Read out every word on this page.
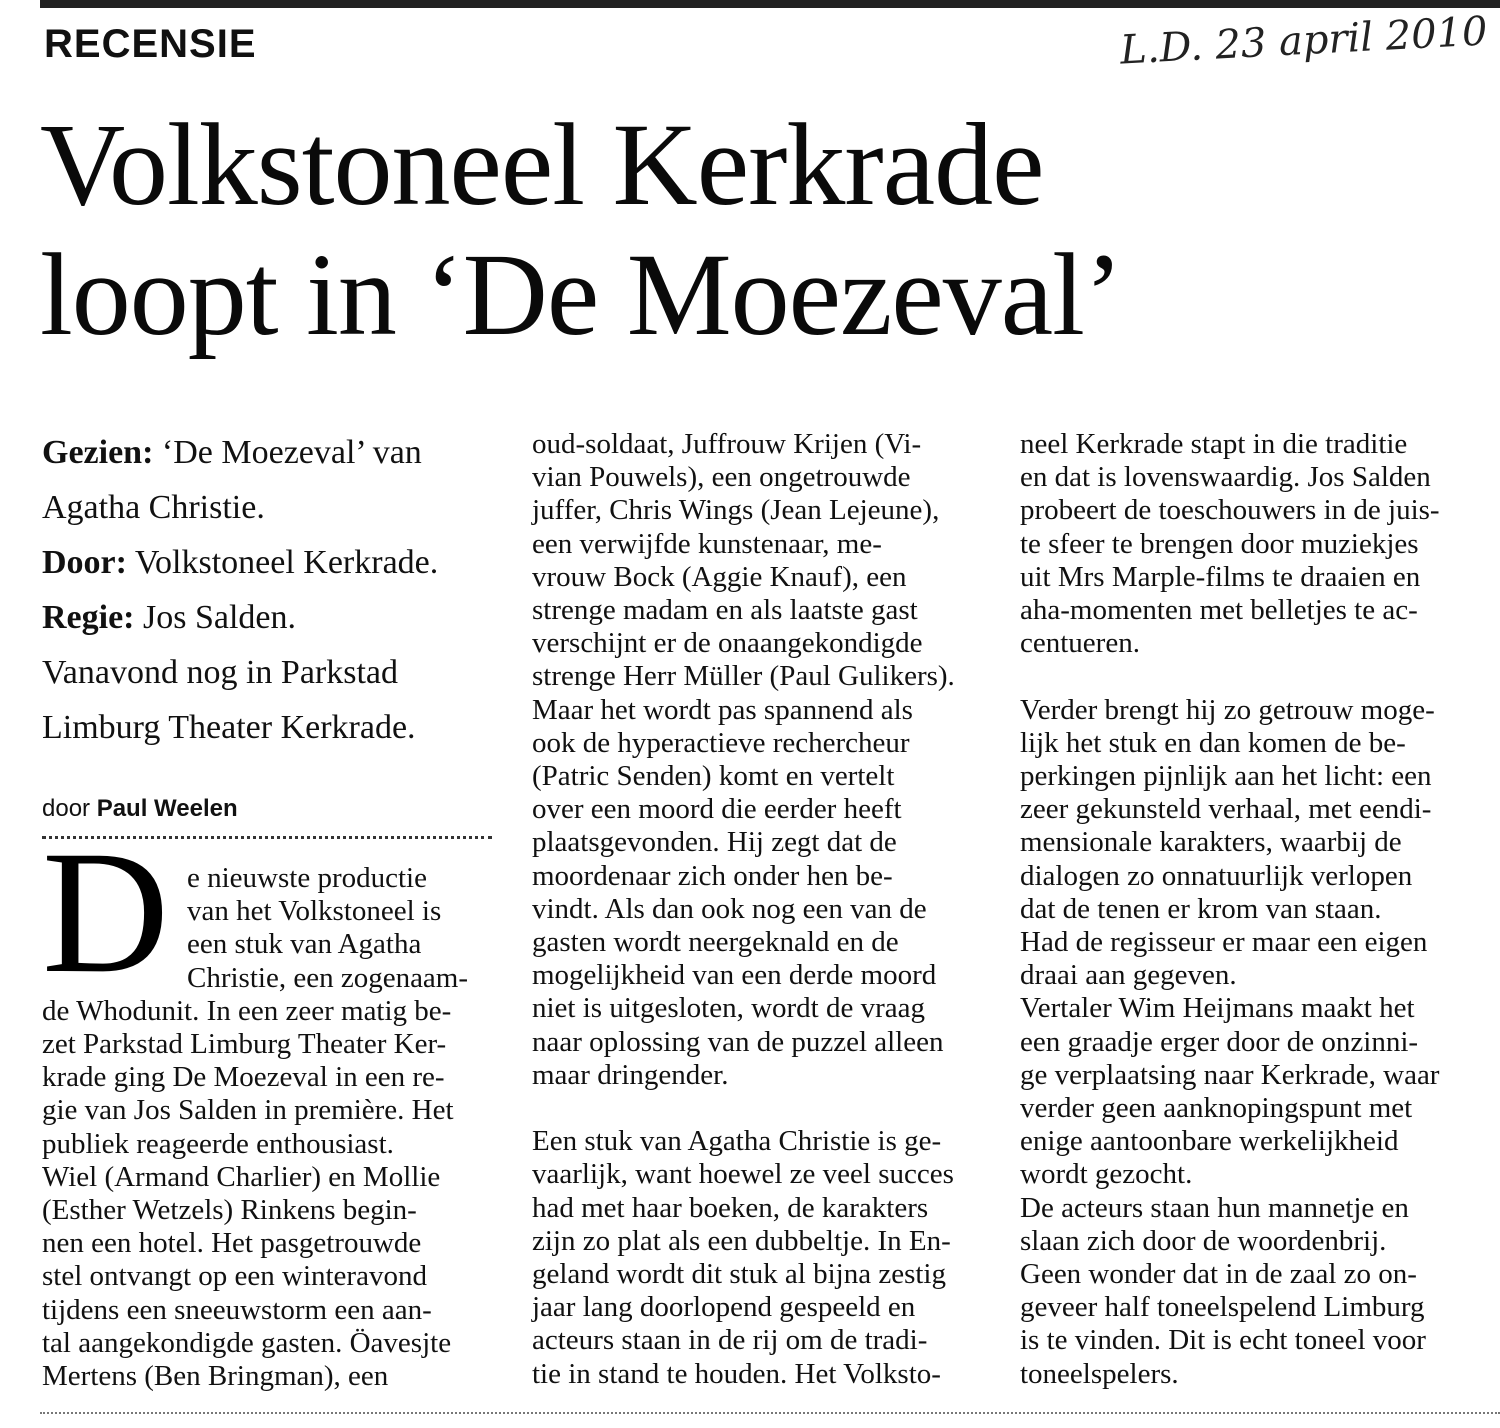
RECENSIE	L.D. 23 april 2010
Volkstoneel Kerkrade
loopt in ‘De Moezeval’
Gezien: ‘De Moezeval’ van
Agatha Christie.
Door: Volkstoneel Kerkrade.
Regie: Jos Salden.
Vanavond nog in Parkstad
Limburg Theater Kerkrade.
door Paul Weelen
D e nieuwste productie
van het Volkstoneel is
een stuk van Agatha
Christie, een zogenaam-
de Whodunit. In een zeer matig be-
zet Parkstad Limburg Theater Ker-
krade ging De Moezeval in een re-
gie van Jos Salden in première. Het
publiek reageerde enthousiast.
Wiel (Armand Charlier) en Mollie
(Esther Wetzels) Rinkens begin-
nen een hotel. Het pasgetrouwde
stel ontvangt op een winteravond
tijdens een sneeuwstorm een aan-
tal aangekondigde gasten. Öavesjte
Mertens (Ben Bringman), een
oud-soldaat, Juffrouw Krijen (Vi-
vian Pouwels), een ongetrouwde
juffer, Chris Wings (Jean Lejeune),
een verwijfde kunstenaar, me-
vrouw Bock (Aggie Knauf), een
strenge madam en als laatste gast
verschijnt er de onaangekondigde
strenge Herr Müller (Paul Gulikers).
Maar het wordt pas spannend als
ook de hyperactieve rechercheur
(Patric Senden) komt en vertelt
over een moord die eerder heeft
plaatsgevonden. Hij zegt dat de
moordenaar zich onder hen be-
vindt. Als dan ook nog een van de
gasten wordt neergeknald en de
mogelijkheid van een derde moord
niet is uitgesloten, wordt de vraag
naar oplossing van de puzzel alleen
maar dringender.
Een stuk van Agatha Christie is ge-
vaarlijk, want hoewel ze veel succes
had met haar boeken, de karakters
zijn zo plat als een dubbeltje. In En-
geland wordt dit stuk al bijna zestig
jaar lang doorlopend gespeeld en
acteurs staan in de rij om de tradi-
tie in stand te houden. Het Volksto-
neel Kerkrade stapt in die traditie
en dat is lovenswaardig. Jos Salden
probeert de toeschouwers in de juis-
te sfeer te brengen door muziekjes
uit Mrs Marple-films te draaien en
aha-momenten met belletjes te ac-
centueren.
Verder brengt hij zo getrouw moge-
lijk het stuk en dan komen de be-
perkingen pijnlijk aan het licht: een
zeer gekunsteld verhaal, met eendi-
mensionale karakters, waarbij de
dialogen zo onnatuurlijk verlopen
dat de tenen er krom van staan.
Had de regisseur er maar een eigen
draai aan gegeven.
Vertaler Wim Heijmans maakt het
een graadje erger door de onzinni-
ge verplaatsing naar Kerkrade, waar
verder geen aanknopingspunt met
enige aantoonbare werkelijkheid
wordt gezocht.
De acteurs staan hun mannetje en
slaan zich door de woordenbrij.
Geen wonder dat in de zaal zo on-
geveer half toneelspelend Limburg
is te vinden. Dit is echt toneel voor
toneelspelers.
